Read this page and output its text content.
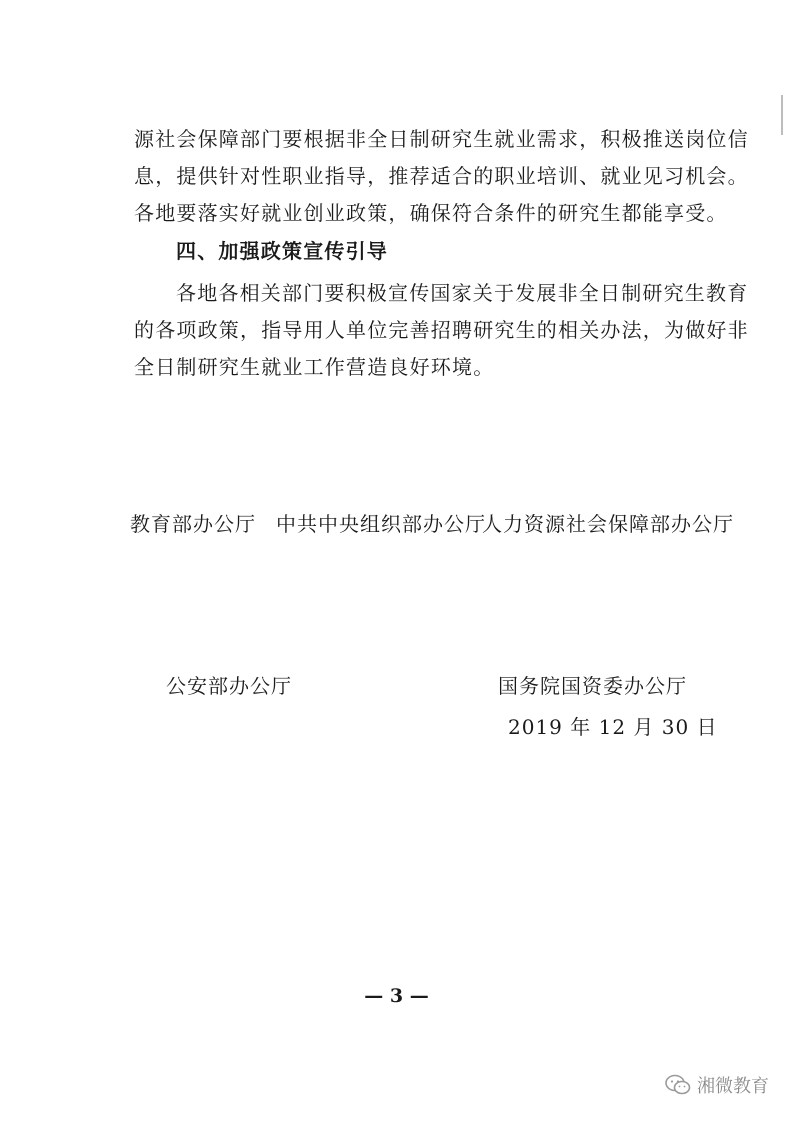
源社会保障部门要根据非全日制研究生就业需求，积极推送岗位信
息，提供针对性职业指导，推荐适合的职业培训、就业见习机会。
各地要落实好就业创业政策，确保符合条件的研究生都能享受。
四、加强政策宣传引导
各地各相关部门要积极宣传国家关于发展非全日制研究生教育
的各项政策，指导用人单位完善招聘研究生的相关办法，为做好非
全日制研究生就业工作营造良好环境。
教育部办公厅 中共中央组织部办公厅
人力资源社会保障部办公厅
公安部办公厅	国务院国资委办公厅
2019 年 12 月 30 日
— 3 —
湘微教育
